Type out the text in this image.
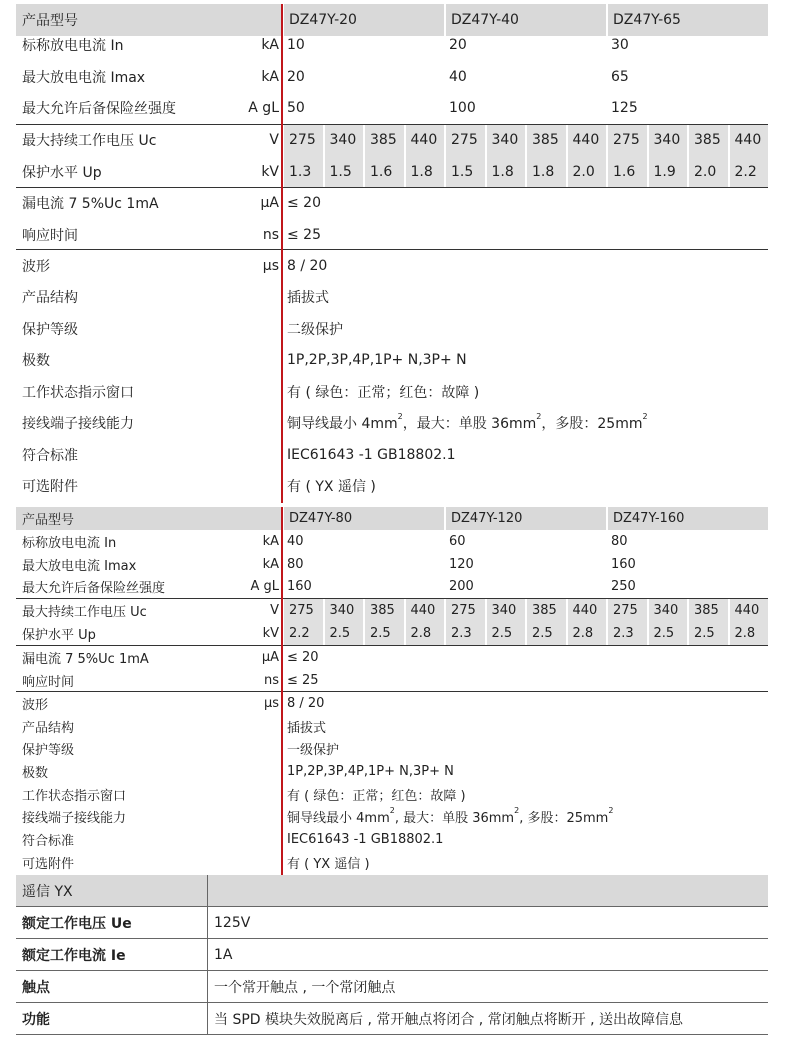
产品型号	DZ47Y-20	DZ47Y-40	DZ47Y-65
标称放电电流 In	kA 10	20	30
最大放电电流 Imax	kA 20	40	65
最大允许后备保险丝强度	A gL 50	100	125
最大持续工作电压 Uc	V 275 340 385 440 275 340 385 440 275 340 385 440
保护水平 Up	kV 1.3	1.5	1.6	1.8	1.5	1.8	1.8	2.0	1.6	1.9	2.0	2.2
漏电流 7 5%Uc 1mA	μA ≤ 20
响应时间	ns ≤ 25
波形	μs 8 / 20
产品结构	插拔式
保护等级	二级保护
极数	1P,2P,3P,4P,1P+ N,3P+ N
工作状态指示窗口	有 ( 绿色：正常；红色：故障 )
接线端子接线能力	铜导线最小 $4mm^2$，最大：单股 $36mm^2$，多股：$25mm^2$
符合标准	IEC61643 -1 GB18802.1
可选附件	有 ( YX 遥信 )
产品型号	DZ47Y-80	DZ47Y-120	DZ47Y-160
标称放电电流 In	kA 40	60	80
最大放电电流 Imax	kA 80	120	160
最大允许后备保险丝强度	A gL 160	200	250
最大持续工作电压 Uc	V 275	340	385	440	275	340	385	440	275	340	385	440
保护水平 Up	kV 2.2	2.5	2.5	2.8	2.3	2.5	2.5	2.8	2.3	2.5	2.5	2.8
漏电流 7 5%Uc 1mA	μA ≤ 20
响应时间	ns ≤ 25
波形	μs 8 / 20
产品结构	插拔式
保护等级	一级保护
极数	1P,2P,3P,4P,1P+ N,3P+ N
工作状态指示窗口	有 ( 绿色：正常；红色：故障 )
接线端子接线能力	铜导线最小 $4mm^2$, 最大：单股 $36mm^2$, 多股：$25mm^2$
符合标准	IEC61643 -1 GB18802.1
可选附件	有 ( YX 遥信 )
遥信 YX	
额定工作电压 Ue	125V
额定工作电流 Ie	1A
触点	一个常开触点 , 一个常闭触点
功能	当 SPD 模块失效脱离后 , 常开触点将闭合 , 常闭触点将断开 , 送出故障信息
